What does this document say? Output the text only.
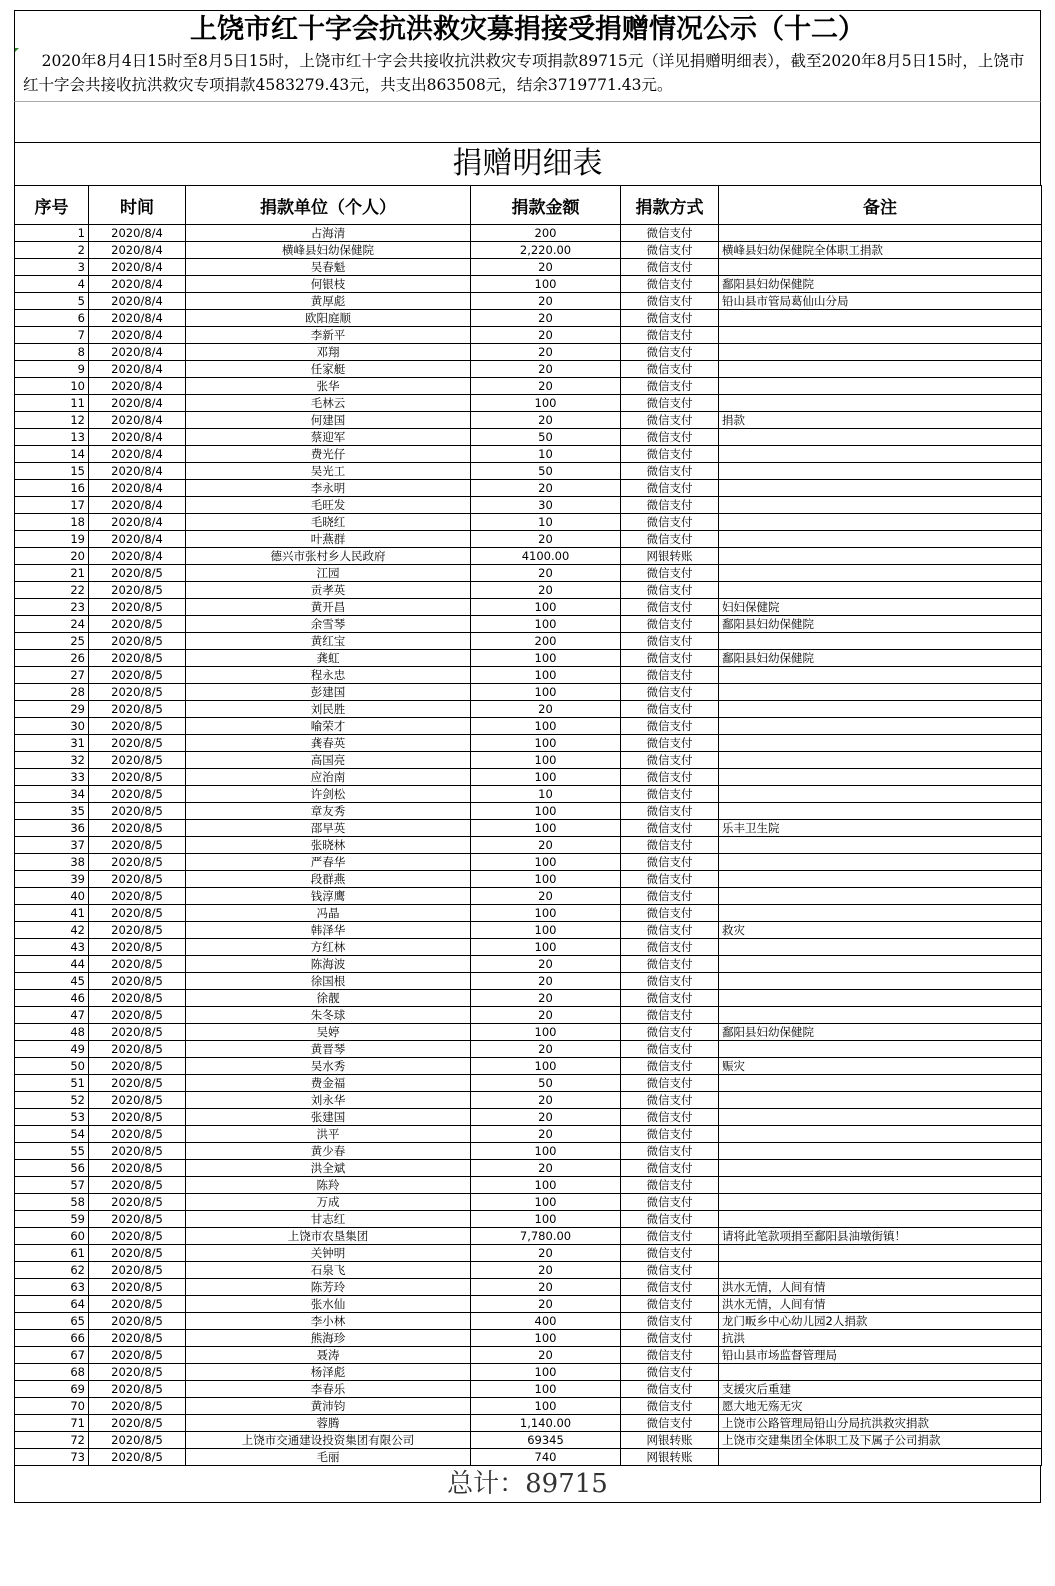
上饶市红十字会抗洪救灾募捐接受捐赠情况公示（十二）
2020年8月4日15时至8月5日15时，上饶市红十字会共接收抗洪救灾专项捐款89715元（详见捐赠明细表），截至2020年8月5日15时，上饶市红十字会共接收抗洪救灾专项捐款4583279.43元，共支出863508元，结余3719771.43元。
捐赠明细表
序号	时间	捐款单位（个人）	捐款金额	捐款方式	备注
1	2020/8/4	占海清	200	微信支付	
2	2020/8/4	横峰县妇幼保健院	2,220.00	微信支付	横峰县妇幼保健院全体职工捐款
3	2020/8/4	吴春魁	20	微信支付	
4	2020/8/4	何银枝	100	微信支付	鄱阳县妇幼保健院
5	2020/8/4	黄厚彪	20	微信支付	铅山县市管局葛仙山分局
6	2020/8/4	欧阳庭顺	20	微信支付	
7	2020/8/4	李新平	20	微信支付	
8	2020/8/4	邓翔	20	微信支付	
9	2020/8/4	任家艇	20	微信支付	
10	2020/8/4	张华	20	微信支付	
11	2020/8/4	毛林云	100	微信支付	
12	2020/8/4	何建国	20	微信支付	捐款
13	2020/8/4	蔡迎军	50	微信支付	
14	2020/8/4	费光仔	10	微信支付	
15	2020/8/4	吴光工	50	微信支付	
16	2020/8/4	李永明	20	微信支付	
17	2020/8/4	毛旺发	30	微信支付	
18	2020/8/4	毛晓红	10	微信支付	
19	2020/8/4	叶燕群	20	微信支付	
20	2020/8/4	德兴市张村乡人民政府	4100.00	网银转账	
21	2020/8/5	江园	20	微信支付	
22	2020/8/5	贡孝英	20	微信支付	
23	2020/8/5	黄开昌	100	微信支付	妇妇保健院
24	2020/8/5	余雪琴	100	微信支付	鄱阳县妇幼保健院
25	2020/8/5	黄红宝	200	微信支付	
26	2020/8/5	龚虹	100	微信支付	鄱阳县妇幼保健院
27	2020/8/5	程永忠	100	微信支付	
28	2020/8/5	彭建国	100	微信支付	
29	2020/8/5	刘民胜	20	微信支付	
30	2020/8/5	喻荣才	100	微信支付	
31	2020/8/5	龚春英	100	微信支付	
32	2020/8/5	高国亮	100	微信支付	
33	2020/8/5	应治南	100	微信支付	
34	2020/8/5	许剑松	10	微信支付	
35	2020/8/5	章友秀	100	微信支付	
36	2020/8/5	邵早英	100	微信支付	乐丰卫生院
37	2020/8/5	张晓林	20	微信支付	
38	2020/8/5	严春华	100	微信支付	
39	2020/8/5	段群燕	100	微信支付	
40	2020/8/5	钱淳鹰	20	微信支付	
41	2020/8/5	冯晶	100	微信支付	
42	2020/8/5	韩泽华	100	微信支付	救灾
43	2020/8/5	方红林	100	微信支付	
44	2020/8/5	陈海波	20	微信支付	
45	2020/8/5	徐国根	20	微信支付	
46	2020/8/5	徐靓	20	微信支付	
47	2020/8/5	朱冬球	20	微信支付	
48	2020/8/5	吴婷	100	微信支付	鄱阳县妇幼保健院
49	2020/8/5	黄晋琴	20	微信支付	
50	2020/8/5	吴水秀	100	微信支付	赈灾
51	2020/8/5	费金福	50	微信支付	
52	2020/8/5	刘永华	20	微信支付	
53	2020/8/5	张建国	20	微信支付	
54	2020/8/5	洪平	20	微信支付	
55	2020/8/5	黄少春	100	微信支付	
56	2020/8/5	洪全斌	20	微信支付	
57	2020/8/5	陈羚	100	微信支付	
58	2020/8/5	万成	100	微信支付	
59	2020/8/5	甘志红	100	微信支付	
60	2020/8/5	上饶市农垦集团	7,780.00	微信支付	请将此笔款项捐至鄱阳县油墩街镇！
61	2020/8/5	关钟明	20	微信支付	
62	2020/8/5	石泉飞	20	微信支付	
63	2020/8/5	陈芳玲	20	微信支付	洪水无情，人间有情
64	2020/8/5	张水仙	20	微信支付	洪水无情，人间有情
65	2020/8/5	李小林	400	微信支付	龙门畈乡中心幼儿园2人捐款
66	2020/8/5	熊海珍	100	微信支付	抗洪
67	2020/8/5	聂涛	20	微信支付	铅山县市场监督管理局
68	2020/8/5	杨泽彪	100	微信支付	
69	2020/8/5	李春乐	100	微信支付	支援灾后重建
70	2020/8/5	黄沛钧	100	微信支付	愿大地无殇无灾
71	2020/8/5	蓉腾	1,140.00	微信支付	上饶市公路管理局铅山分局抗洪救灾捐款
72	2020/8/5	上饶市交通建设投资集团有限公司	69345	网银转账	上饶市交建集团全体职工及下属子公司捐款
73	2020/8/5	毛丽	740	网银转账	
总计：89715
